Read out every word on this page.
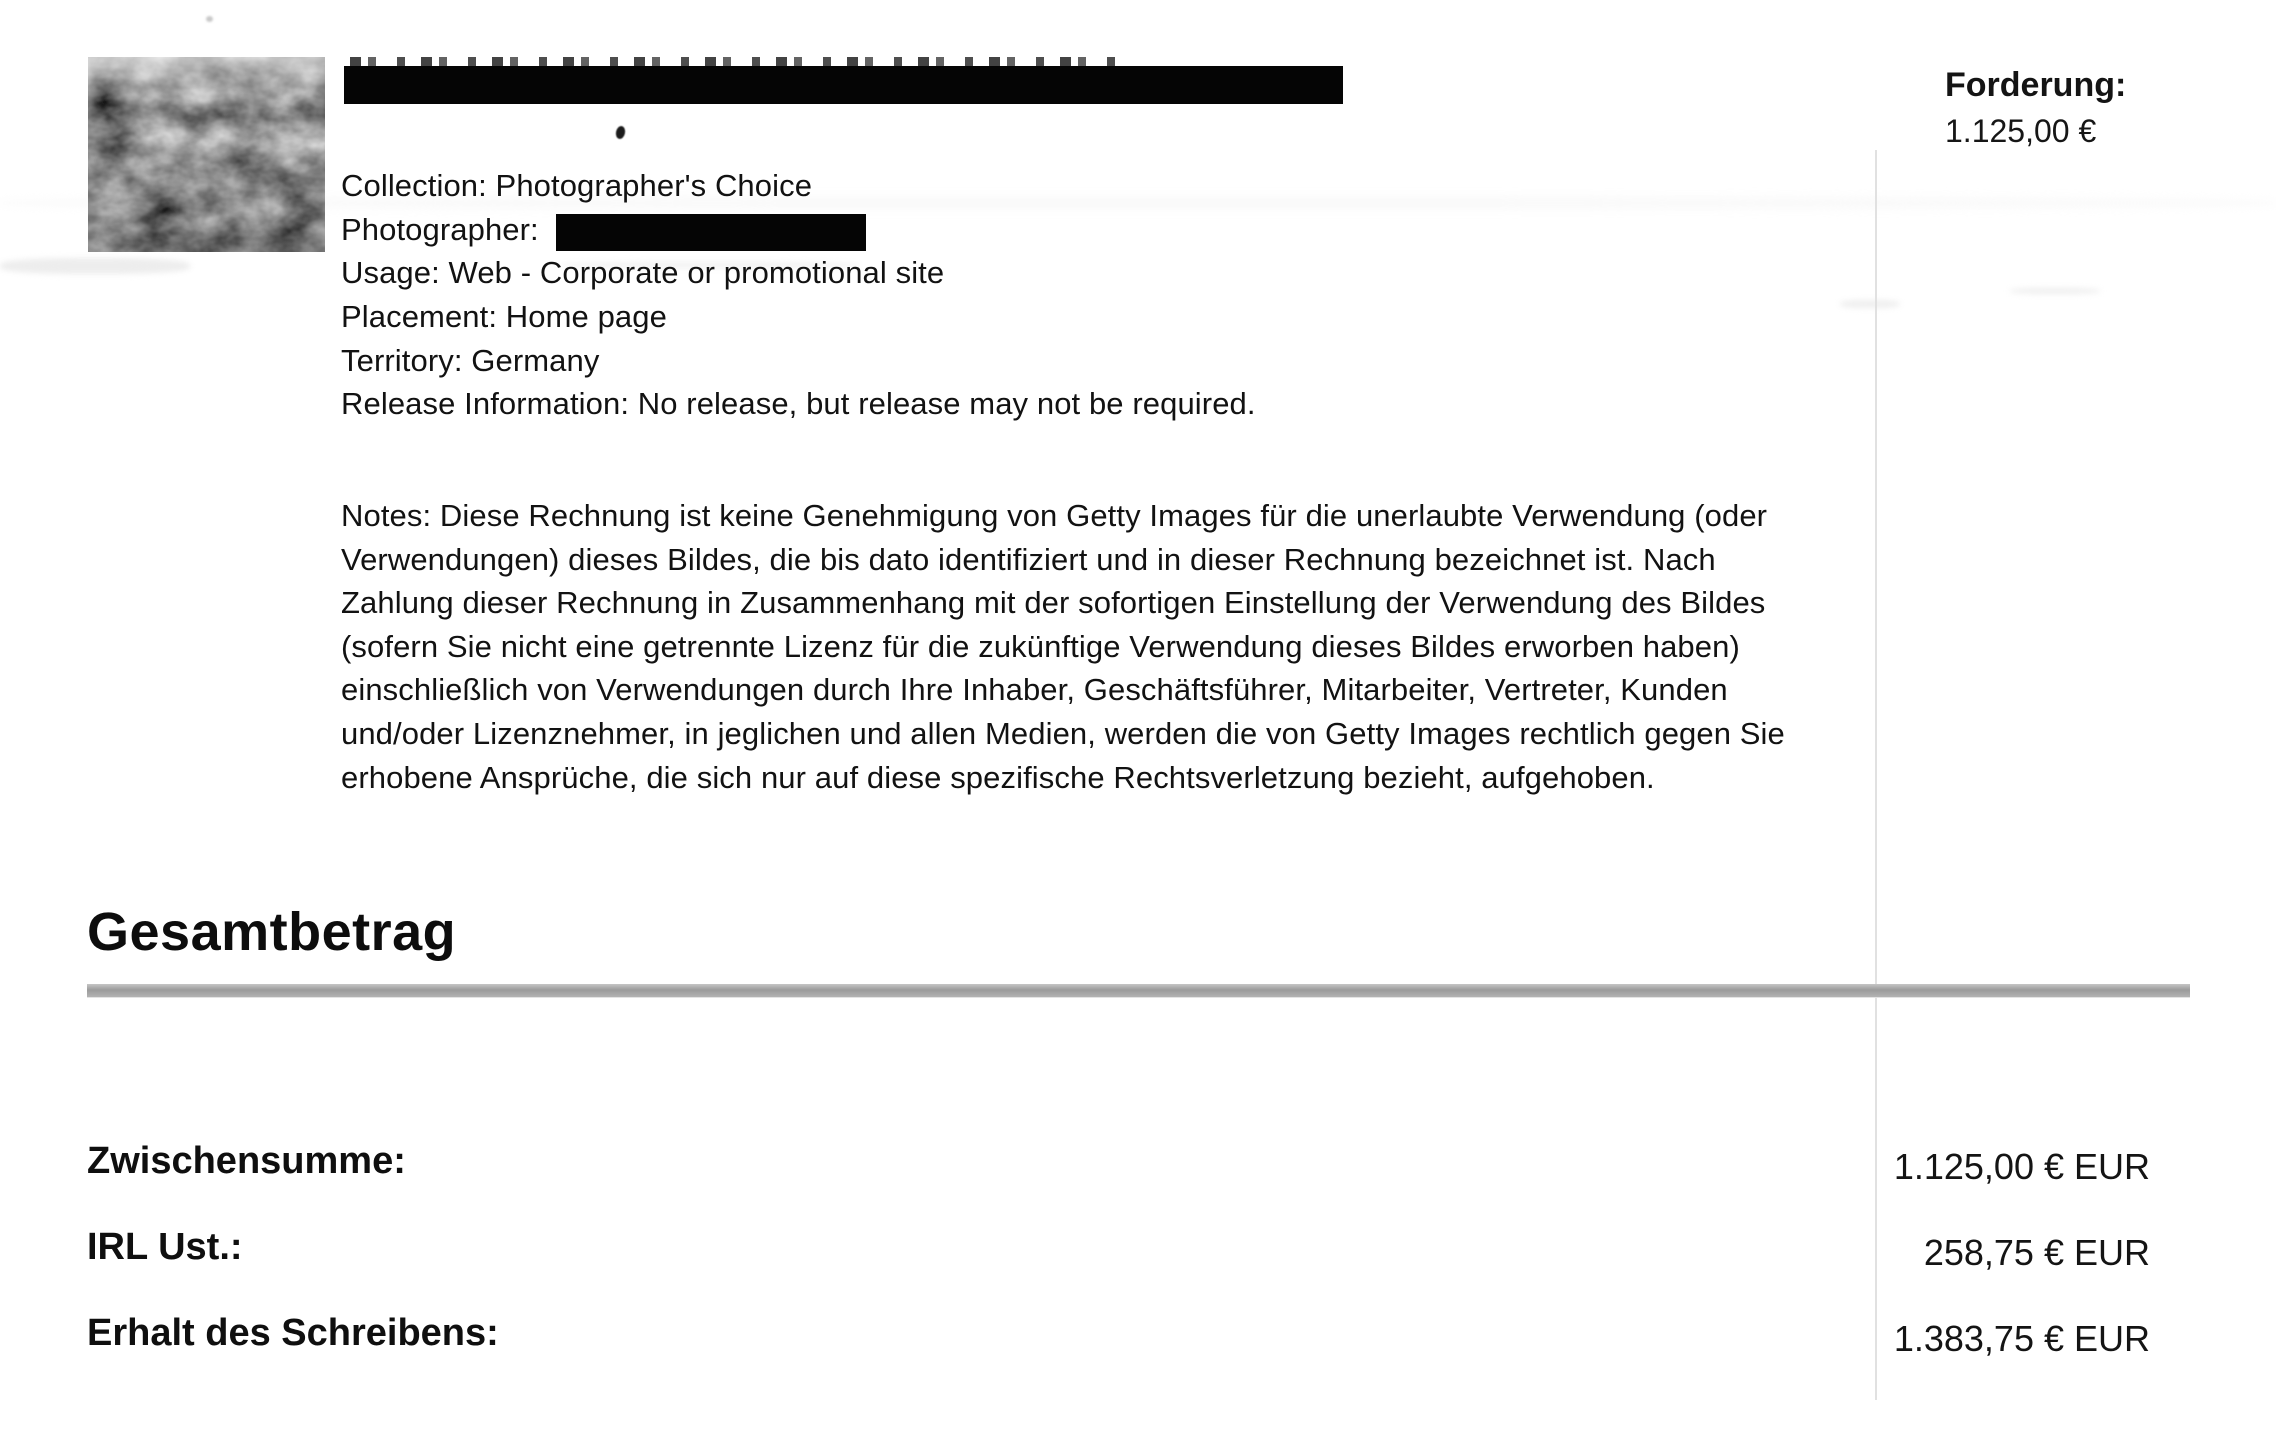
Forderung:
1.125,00 €
Collection: Photographer's Choice
Photographer:
Usage: Web - Corporate or promotional site
Placement: Home page
Territory: Germany
Release Information: No release, but release may not be required.
Notes: Diese Rechnung ist keine Genehmigung von Getty Images für die unerlaubte Verwendung (oder
Verwendungen) dieses Bildes, die bis dato identifiziert und in dieser Rechnung bezeichnet ist. Nach
Zahlung dieser Rechnung in Zusammenhang mit der sofortigen Einstellung der Verwendung des Bildes
(sofern Sie nicht eine getrennte Lizenz für die zukünftige Verwendung dieses Bildes erworben haben)
einschließlich von Verwendungen durch Ihre Inhaber, Geschäftsführer, Mitarbeiter, Vertreter, Kunden
und/oder Lizenznehmer, in jeglichen und allen Medien, werden die von Getty Images rechtlich gegen Sie
erhobene Ansprüche, die sich nur auf diese spezifische Rechtsverletzung bezieht, aufgehoben.
Gesamtbetrag
Zwischensumme:	1.125,00 € EUR
IRL Ust.:	258,75 € EUR
Erhalt des Schreibens:	1.383,75 € EUR
